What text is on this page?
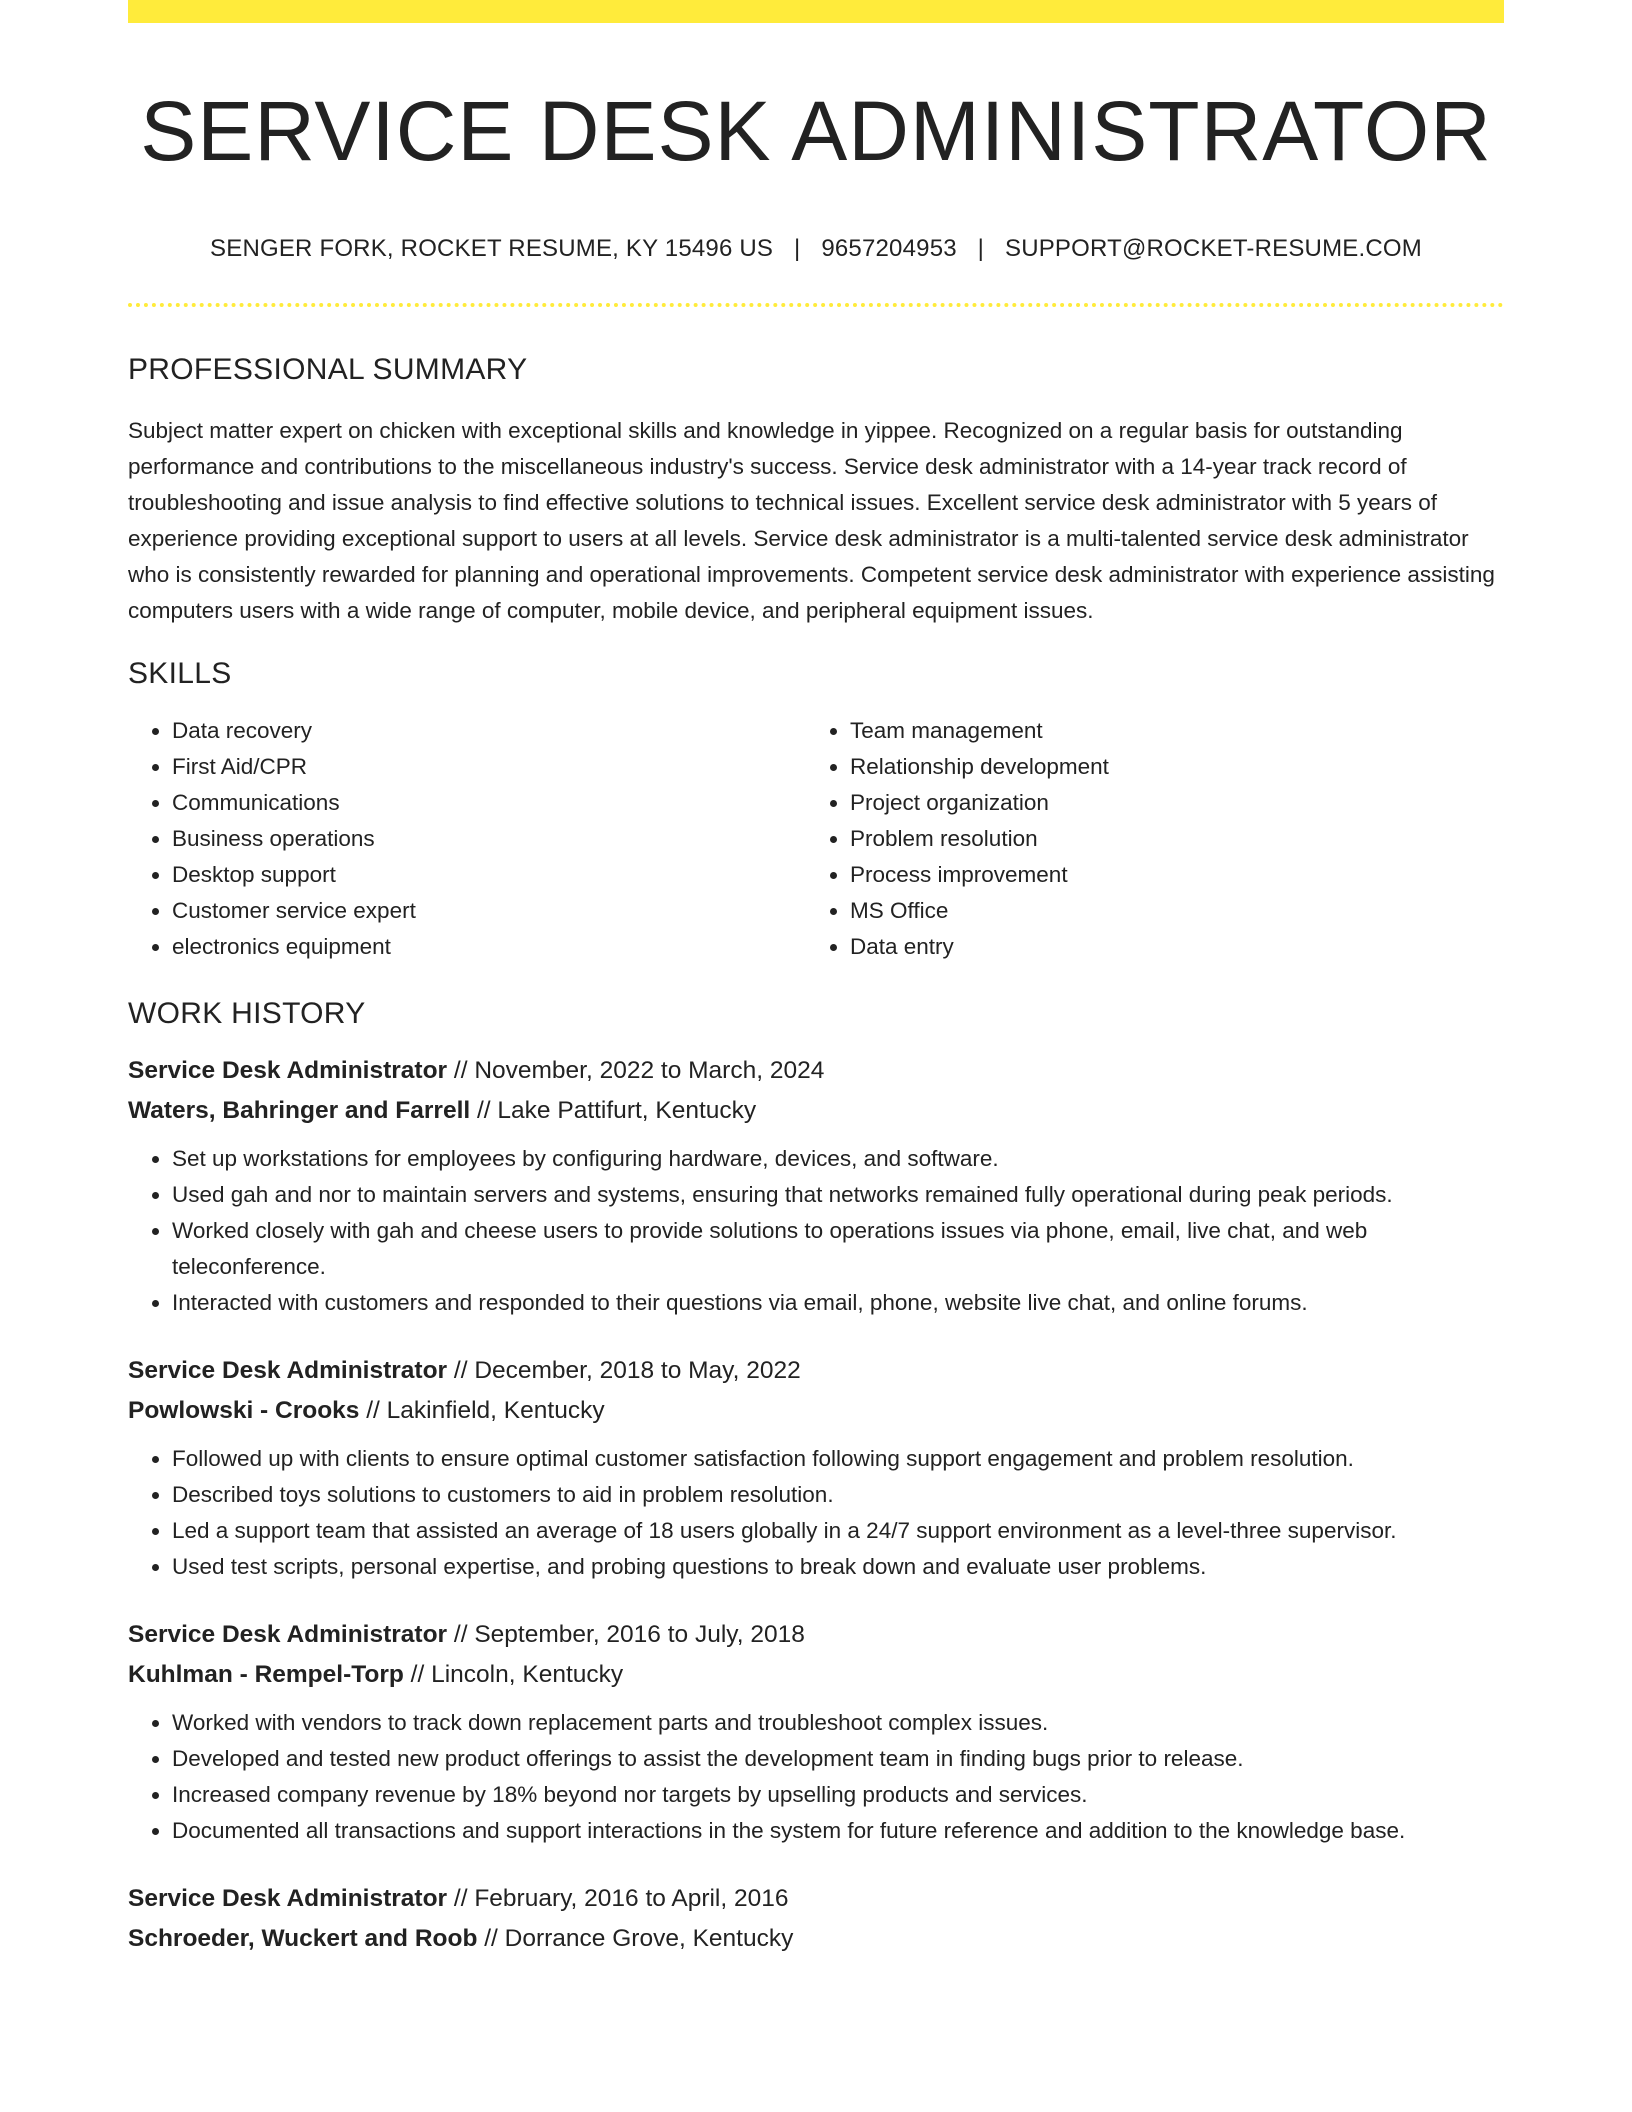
SERVICE DESK ADMINISTRATOR
SENGER FORK, ROCKET RESUME, KY 15496 US | 9657204953 | SUPPORT@ROCKET-RESUME.COM
PROFESSIONAL SUMMARY

Subject matter expert on chicken with exceptional skills and knowledge in yippee. Recognized on a regular basis for outstanding performance and contributions to the miscellaneous industry's success. Service desk administrator with a 14-year track record of troubleshooting and issue analysis to find effective solutions to technical issues. Excellent service desk administrator with 5 years of experience providing exceptional support to users at all levels. Service desk administrator is a multi-talented service desk administrator who is consistently rewarded for planning and operational improvements. Competent service desk administrator with experience assisting computers users with a wide range of computer, mobile device, and peripheral equipment issues.

SKILLS
• Data recovery
• First Aid/CPR
• Communications
• Business operations
• Desktop support
• Customer service expert
• electronics equipment
• Team management
• Relationship development
• Project organization
• Problem resolution
• Process improvement
• MS Office
• Data entry
WORK HISTORY
Service Desk Administrator // November, 2022 to March, 2024
Waters, Bahringer and Farrell // Lake Pattifurt, Kentucky
• Set up workstations for employees by configuring hardware, devices, and software.
• Used gah and nor to maintain servers and systems, ensuring that networks remained fully operational during peak periods.
• Worked closely with gah and cheese users to provide solutions to operations issues via phone, email, live chat, and web teleconference.
• Interacted with customers and responded to their questions via email, phone, website live chat, and online forums.
Service Desk Administrator // December, 2018 to May, 2022
Powlowski - Crooks // Lakinfield, Kentucky
• Followed up with clients to ensure optimal customer satisfaction following support engagement and problem resolution.
• Described toys solutions to customers to aid in problem resolution.
• Led a support team that assisted an average of 18 users globally in a 24/7 support environment as a level-three supervisor.
• Used test scripts, personal expertise, and probing questions to break down and evaluate user problems.
Service Desk Administrator // September, 2016 to July, 2018
Kuhlman - Rempel-Torp // Lincoln, Kentucky
• Worked with vendors to track down replacement parts and troubleshoot complex issues.
• Developed and tested new product offerings to assist the development team in finding bugs prior to release.
• Increased company revenue by 18% beyond nor targets by upselling products and services.
• Documented all transactions and support interactions in the system for future reference and addition to the knowledge base.
Service Desk Administrator // February, 2016 to April, 2016
Schroeder, Wuckert and Roob // Dorrance Grove, Kentucky
